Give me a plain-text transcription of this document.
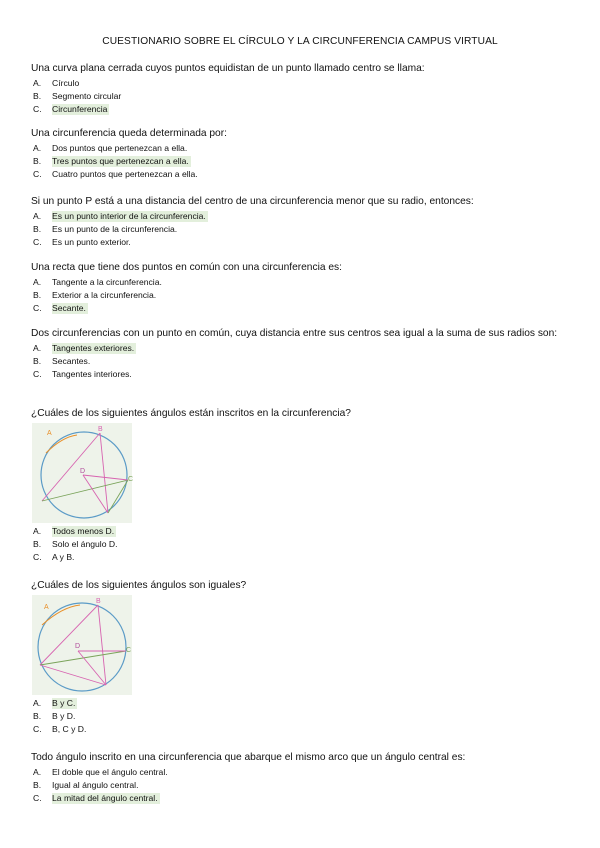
CUESTIONARIO SOBRE EL CÍRCULO Y LA CIRCUNFERENCIA CAMPUS VIRTUAL
Una curva plana cerrada cuyos puntos equidistan de un punto llamado centro se llama:
A. Círculo
B. Segmento circular
C. Circunferencia
Una circunferencia queda determinada por:
A. Dos puntos que pertenezcan a ella.
B. Tres puntos que pertenezcan a ella.
C. Cuatro puntos que pertenezcan a ella.
Si un punto P está a una distancia del centro de una circunferencia menor que su radio, entonces:
A. Es un punto interior de la circunferencia.
B. Es un punto de la circunferencia.
C. Es un punto exterior.
Una recta que tiene dos puntos en común con una circunferencia es:
A. Tangente a la circunferencia.
B. Exterior a la circunferencia.
C. Secante.
Dos circunferencias con un punto en común, cuya distancia entre sus centros sea igual a la suma de sus radios son:
A. Tangentes exteriores.
B. Secantes.
C. Tangentes interiores.
¿Cuáles de los siguientes ángulos están inscritos en la circunferencia?
A
B
C
D
A. Todos menos D.
B. Solo el ángulo D.
C. A y B.
¿Cuáles de los siguientes ángulos son iguales?
A
B
C
D
A. B y C.
B. B y D.
C. B, C y D.
Todo ángulo inscrito en una circunferencia que abarque el mismo arco que un ángulo central es:
A. El doble que el ángulo central.
B. Igual al ángulo central.
C. La mitad del ángulo central.
